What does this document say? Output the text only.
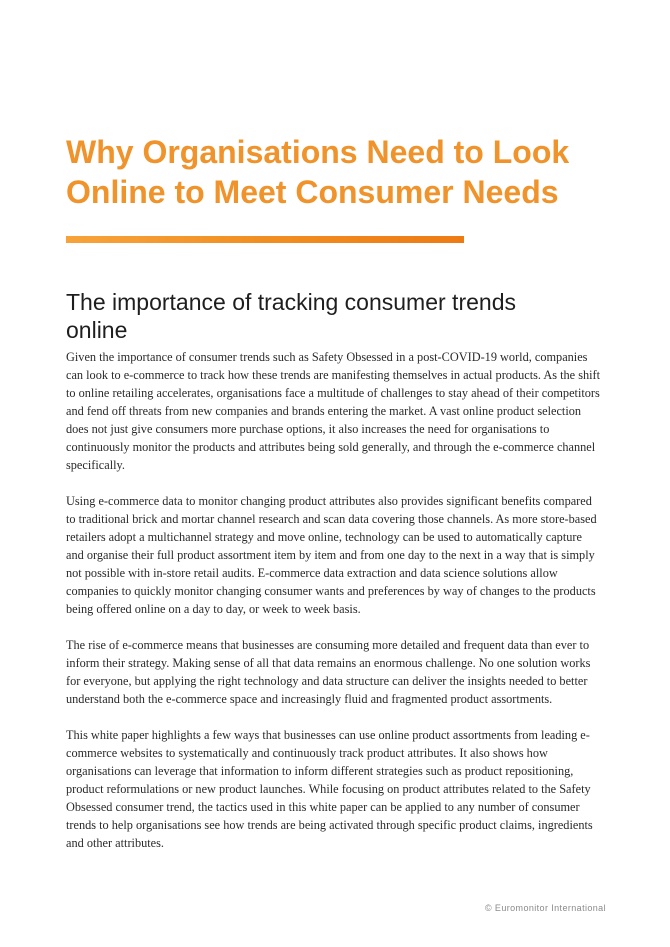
Why Organisations Need to Look Online to Meet Consumer Needs
The importance of tracking consumer trends online

Given the importance of consumer trends such as Safety Obsessed in a post-COVID-19 world, companies can look to e-commerce to track how these trends are manifesting themselves in actual products. As the shift to online retailing accelerates, organisations face a multitude of challenges to stay ahead of their competitors and fend off threats from new companies and brands entering the market. A vast online product selection does not just give consumers more purchase options, it also increases the need for organisations to continuously monitor the products and attributes being sold generally, and through the e-commerce channel specifically.

Using e-commerce data to monitor changing product attributes also provides significant benefits compared to traditional brick and mortar channel research and scan data covering those channels. As more store-based retailers adopt a multichannel strategy and move online, technology can be used to automatically capture and organise their full product assortment item by item and from one day to the next in a way that is simply not possible with in-store retail audits. E-commerce data extraction and data science solutions allow companies to quickly monitor changing consumer wants and preferences by way of changes to the products being offered online on a day to day, or week to week basis.

The rise of e-commerce means that businesses are consuming more detailed and frequent data than ever to inform their strategy. Making sense of all that data remains an enormous challenge. No one solution works for everyone, but applying the right technology and data structure can deliver the insights needed to better understand both the e-commerce space and increasingly fluid and fragmented product assortments.

This white paper highlights a few ways that businesses can use online product assortments from leading e-commerce websites to systematically and continuously track product attributes. It also shows how organisations can leverage that information to inform different strategies such as product repositioning, product reformulations or new product launches. While focusing on product attributes related to the Safety Obsessed consumer trend, the tactics used in this white paper can be applied to any number of consumer trends to help organisations see how trends are being activated through specific product claims, ingredients and other attributes.

© Euromonitor International
